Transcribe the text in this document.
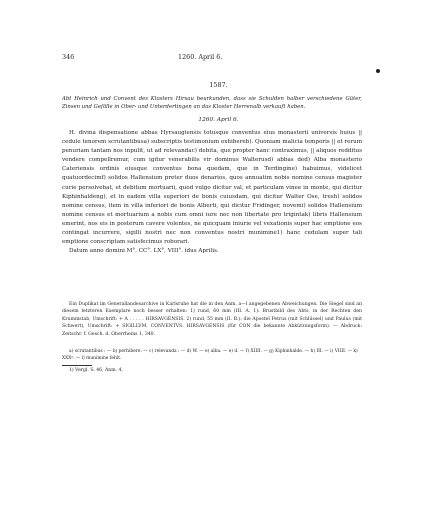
346	1260. April 6.
1587.
Abt Heinrich und Convent des Klosters Hirsau beurkunden, dass sie Schulden halber verschiedene Güter, Zinsen und Gefälle in Ober- und Unterdertingen an das Kloster Herrenalb verkauft haben.
1260. April 6.

H. divina dispensatione abbas Hyrsaugiensis totusque conventus eius monasterii universis huius || cedule tenorem scrutantibusa) subscriptis testimonium exhibereb). Quoniam malicia temporis || et rerum penuriam tantam nos inpulit, ut ad relevandac) debita, que propter hanc contraximus, || aliquos redditus vendere compellremur, cum igitur venerabilis vir dominus Walterusd) abbas ded) Alba monasterio Cateriensis ordinis eiusque conventus bona quedam, que in Terdingine) habuimus, videlicet quatuordecimf) solidos Hallensium preter duos denarios, quos annuatim nobis nomine census magister curie persolvebat, et debitum mortuarii, quod vulgo dicitur val, et particulam vinee in monte, qui dicitur Kiphinhaldeng), et in eadem villa superiori de bonis cuiusdam, qui dicitur Walter Ose, tresh) solidos nomine census, item in villa inferiori de bonis Alberti, qui dicitur Fridinger, novemi) solidos Hallensium nomine census et mortuarium a nobis cum omni iure nec non libertate pro trigintak) libris Hallensium emerint, nos eis in posterum cavere volentes, ne quicquam iniurie vel vexationis super hac emptione eos contingat incurrere, sigilli nostri nec non conventus nostri munimine1) hanc cedulam super tali emptione conscriptam satisfecimus roborari.

Datum anno domini M°. CC°. LX°, VIII°. idus Aprilis.

Ein Duplikat im Generallandesarchive in Karlsruhe hat die in den Anm. a—l angegebenen Abweichungen. Die Siegel sind an diesem letzteren Exemplare noch besser erhalten: 1) rund, 60 mm (III. A. 1): Brustbild des Abts, in der Rechten den Krummstab, Umschrift: + A . . . . . HIRSAVGENSIS. 2) rund, 55 mm (II. B.): die Apostel Petrus (mit Schlüssel) und Paulus (mit Schwert), Umschrift: + SIGILLVM. CONVENTVS. HIRSAVGENSIS (für CON die bekannte Abkürzungsform). — Abdruck: Zeitschr. f. Gesch. d. Oberrheins 1, 340.

a) scrutantibus : — b) perhibere. — c) relevanda : — d) W. — e) alba. — e) d. — f) XIIII. — g) Kiphinhalde. — h) III. — i) VIIII. — k) XXXᵃ. — l) munimine fehlt.

1) Vergl. S. 46, Anm. 4.
